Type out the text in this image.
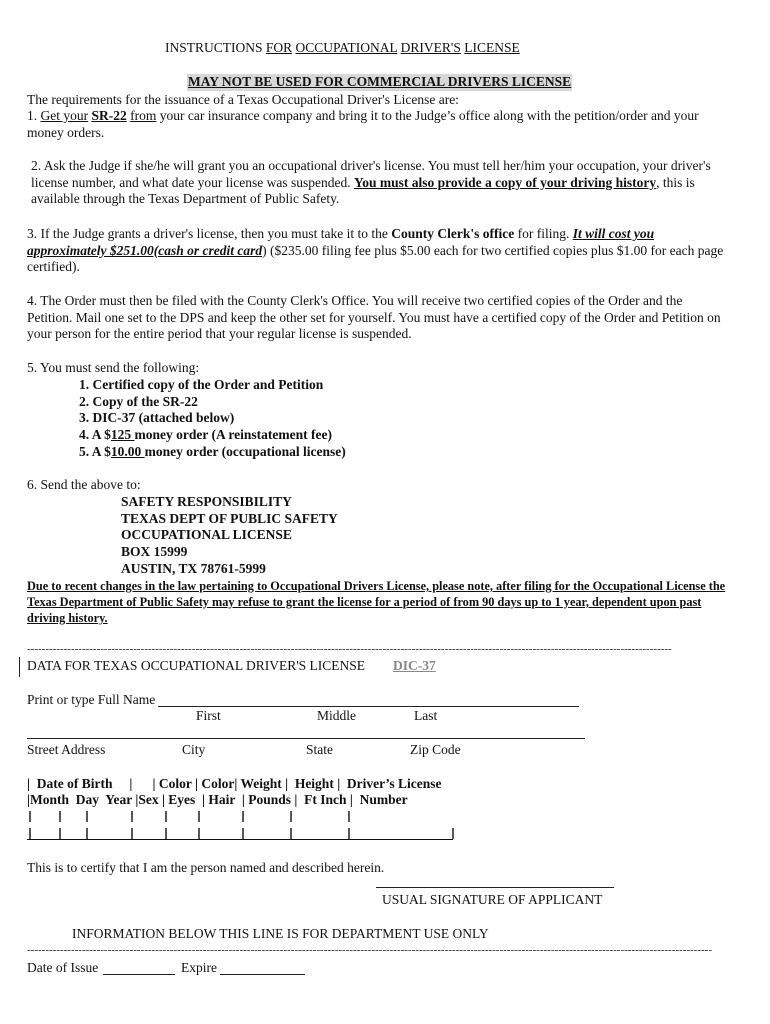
INSTRUCTIONS FOR OCCUPATIONAL DRIVER'S LICENSE
MAY NOT BE USED FOR COMMERCIAL DRIVERS LICENSE
The requirements for the issuance of a Texas Occupational Driver's License are:
1. Get your SR-22 from your car insurance company and bring it to the Judge’s office along with the petition/order and your money orders.
2. Ask the Judge if she/he will grant you an occupational driver's license. You must tell her/him your occupation, your driver's license number, and what date your license was suspended. You must also provide a copy of your driving history, this is available through the Texas Department of Public Safety.
3. If the Judge grants a driver's license, then you must take it to the County Clerk's office for filing. It will cost you approximately $251.00(cash or credit card) ($235.00 filing fee plus $5.00 each for two certified copies plus $1.00 for each page certified).
4. The Order must then be filed with the County Clerk's Office. You will receive two certified copies of the Order and the Petition. Mail one set to the DPS and keep the other set for yourself. You must have a certified copy of the Order and Petition on your person for the entire period that your regular license is suspended.
5. You must send the following:
1. Certified copy of the Order and Petition
2. Copy of the SR-22
3. DIC-37 (attached below)
4. A $125 money order (A reinstatement fee)
5. A $10.00 money order (occupational license)
6. Send the above to:
SAFETY RESPONSIBILITY
TEXAS DEPT OF PUBLIC SAFETY
OCCUPATIONAL LICENSE
BOX 15999
AUSTIN, TX 78761-5999
Due to recent changes in the law pertaining to Occupational Drivers License, please note, after filing for the Occupational License the Texas Department of Public Safety may refuse to grant the license for a period of from 90 days up to 1 year, dependent upon past driving history.
--------------------------------------------------------------------------------------------------------------------------------------------------------------------------------
DATA FOR TEXAS OCCUPATIONAL DRIVER'S LICENSE DIC-37
Print or type Full Name
First	Middle	Last
Street Address	City	State	Zip Code
|  Date of Birth     |      | Color | Color| Weight |  Height |  Driver’s License
|Month  Day  Year |Sex | Eyes  | Hair  | Pounds |  Ft Inch |  Number
This is to certify that I am the person named and described herein.
USUAL SIGNATURE OF APPLICANT
INFORMATION BELOW THIS LINE IS FOR DEPARTMENT USE ONLY
-------------------------------------------------------------------------------------------------------------------------------------------------------------------------------------------
Date of Issue	Expire
